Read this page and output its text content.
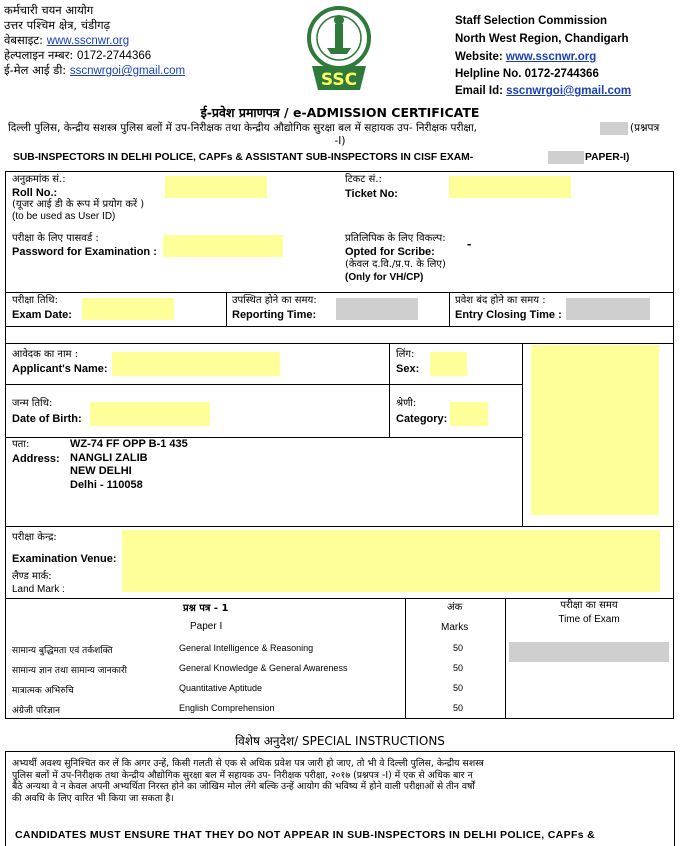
कर्मचारी चयन आयोग
उत्तर पश्चिम क्षेत्र, चंडीगढ़
वेबसाइट: www.sscnwr.org
हेल्पलाइन नम्बर: 0172-2744366
ई-मेल आई डी: sscnwrgoi@gmail.com	SSC
Staff Selection Commission
North West Region, Chandigarh
Website: www.sscnwr.org
Helpline No. 0172-2744366
Email Id: sscnwrgoi@gmail.com
ई-प्रवेश प्रमाणपत्र / e-ADMISSION CERTIFICATE
दिल्ली पुलिस, केन्द्रीय सशस्त्र पुलिस बलों में उप-निरीक्षक तथा केन्द्रीय औद्योगिक सुरक्षा बल में सहायक उप- निरीक्षक परीक्षा,	(प्रश्नपत्र
-I)
SUB-INSPECTORS IN DELHI POLICE, CAPFs & ASSISTANT SUB-INSPECTORS IN CISF EXAM-	PAPER-I)
अनुक्रमांक सं.:
Roll No.:
(यूजर आई डी के रूप में प्रयोग करें )
(to be used as User ID)
टिकट सं.:
Ticket No:
परीक्षा के लिए पासवर्ड :
Password for Examination :
प्रतिलिपिक के लिए विकल्प:
Opted for Scribe:
-
(केवल द.वि./प्र.प. के लिए)
(Only for VH/CP)
परीक्षा तिथि:
Exam Date:
उपस्थित होने का समय:
Reporting Time:
प्रवेश बंद होने का समय :
Entry Closing Time :
आवेदक का नाम :
Applicant's Name:
लिंग:
Sex:
जन्म तिथि:
Date of Birth:
श्रेणी:
Category:
पता:
Address:
WZ-74 FF OPP B-1 435
NANGLI ZALIB
NEW DELHI
Delhi - 110058
परीक्षा केन्द्र:
Examination Venue:
लैण्ड मार्क:
Land Mark :
प्रश्न पत्र - 1
Paper I
अंक
Marks
परीक्षा का समय
Time of Exam
सामान्य बुद्धिमता एवं तर्कशक्ति	General Intelligence & Reasoning	50
सामान्य ज्ञान तथा सामान्य जानकारी	General Knowledge & General Awareness	50
मात्रात्मक अभिरुचि	Quantitative Aptitude	50
अंग्रेजी परिज्ञान	English Comprehension	50
विशेष अनुदेश/ SPECIAL INSTRUCTIONS
अभ्यर्थी अवश्य सुनिश्चित कर लें कि अगर उन्हें, किसी गलती से एक से अधिक प्रवेश पत्र जारी हो जाए, तो भी वे दिल्ली पुलिस, केन्द्रीय सशस्त्र
पुलिस बलों में उप-निरीक्षक तथा केन्द्रीय औद्योगिक सुरक्षा बल में सहायक उप- निरीक्षक परीक्षा, २०१७ (प्रश्नपत्र -I) में एक से अधिक बार न
बैठे अन्यथा वे न केवल अपनी अभ्यर्थिता निरस्त होने का जोखिम मोल लेंगे बल्कि उन्हें आयोग की भविष्य में होने वाली परीक्षाओं से तीन वर्षों
की अवधि के लिए वारित भी किया जा सकता है।
CANDIDATES MUST ENSURE THAT THEY DO NOT APPEAR IN SUB-INSPECTORS IN DELHI POLICE, CAPFs &
